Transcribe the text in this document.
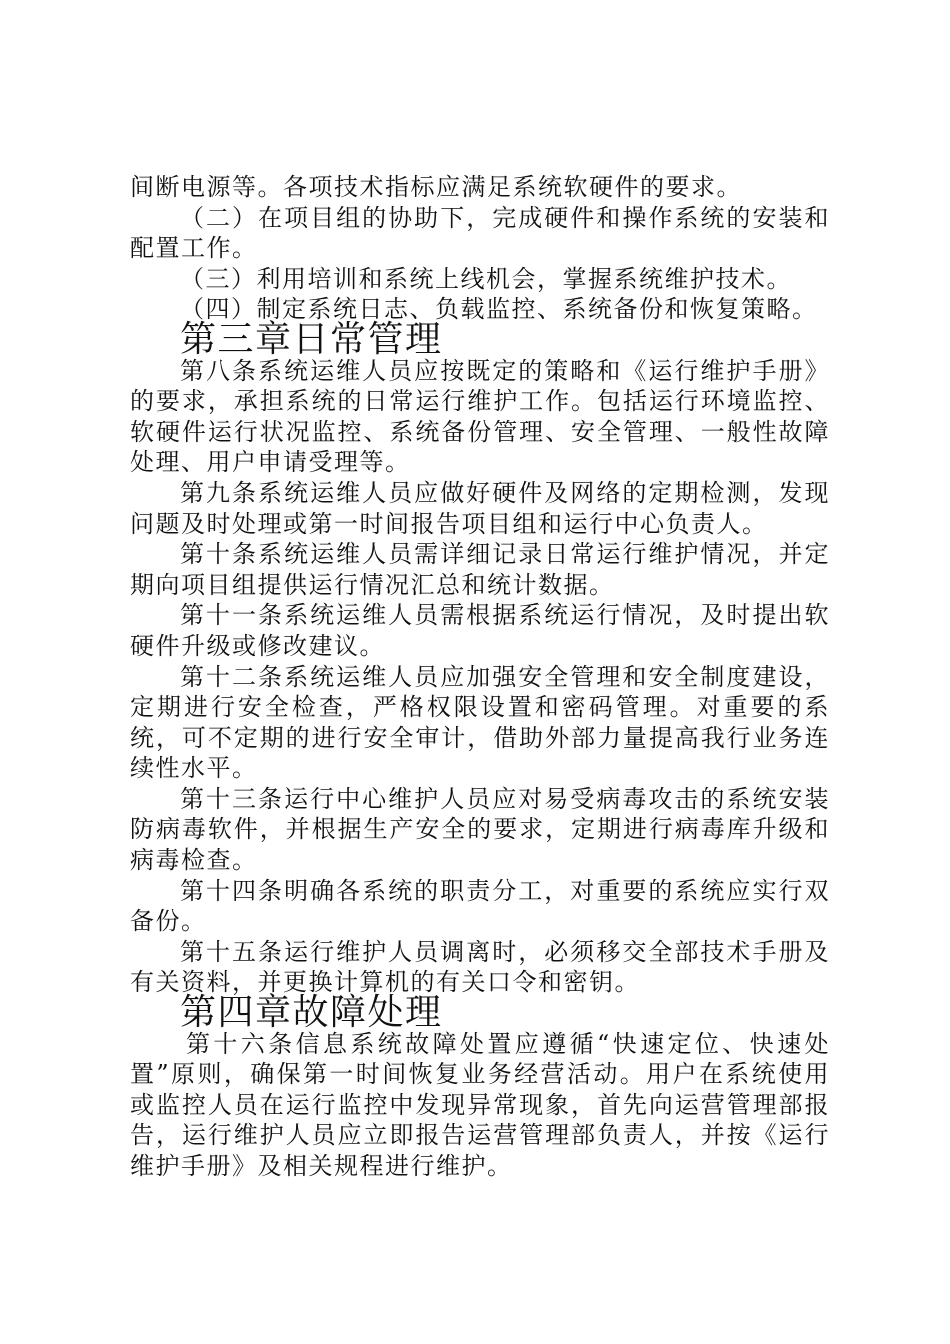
间断电源等。各项技术指标应满足系统软硬件的要求。

（二）在项目组的协助下，完成硬件和操作系统的安装和配置工作。

（三）利用培训和系统上线机会，掌握系统维护技术。

（四）制定系统日志、负载监控、系统备份和恢复策略。

第三章日常管理

第八条系统运维人员应按既定的策略和《运行维护手册》的要求，承担系统的日常运行维护工作。包括运行环境监控、软硬件运行状况监控、系统备份管理、安全管理、一般性故障处理、用户申请受理等。

第九条系统运维人员应做好硬件及网络的定期检测，发现问题及时处理或第一时间报告项目组和运行中心负责人。

第十条系统运维人员需详细记录日常运行维护情况，并定期向项目组提供运行情况汇总和统计数据。

第十一条系统运维人员需根据系统运行情况，及时提出软硬件升级或修改建议。

第十二条系统运维人员应加强安全管理和安全制度建设，定期进行安全检查，严格权限设置和密码管理。对重要的系统，可不定期的进行安全审计，借助外部力量提高我行业务连续性水平。

第十三条运行中心维护人员应对易受病毒攻击的系统安装防病毒软件，并根据生产安全的要求，定期进行病毒库升级和病毒检查。

第十四条明确各系统的职责分工，对重要的系统应实行双备份。

第十五条运行维护人员调离时，必须移交全部技术手册及有关资料，并更换计算机的有关口令和密钥。

第四章故障处理

第十六条信息系统故障处置应遵循“快速定位、快速处置”原则，确保第一时间恢复业务经营活动。用户在系统使用或监控人员在运行监控中发现异常现象，首先向运营管理部报告，运行维护人员应立即报告运营管理部负责人，并按《运行维护手册》及相关规程进行维护。
